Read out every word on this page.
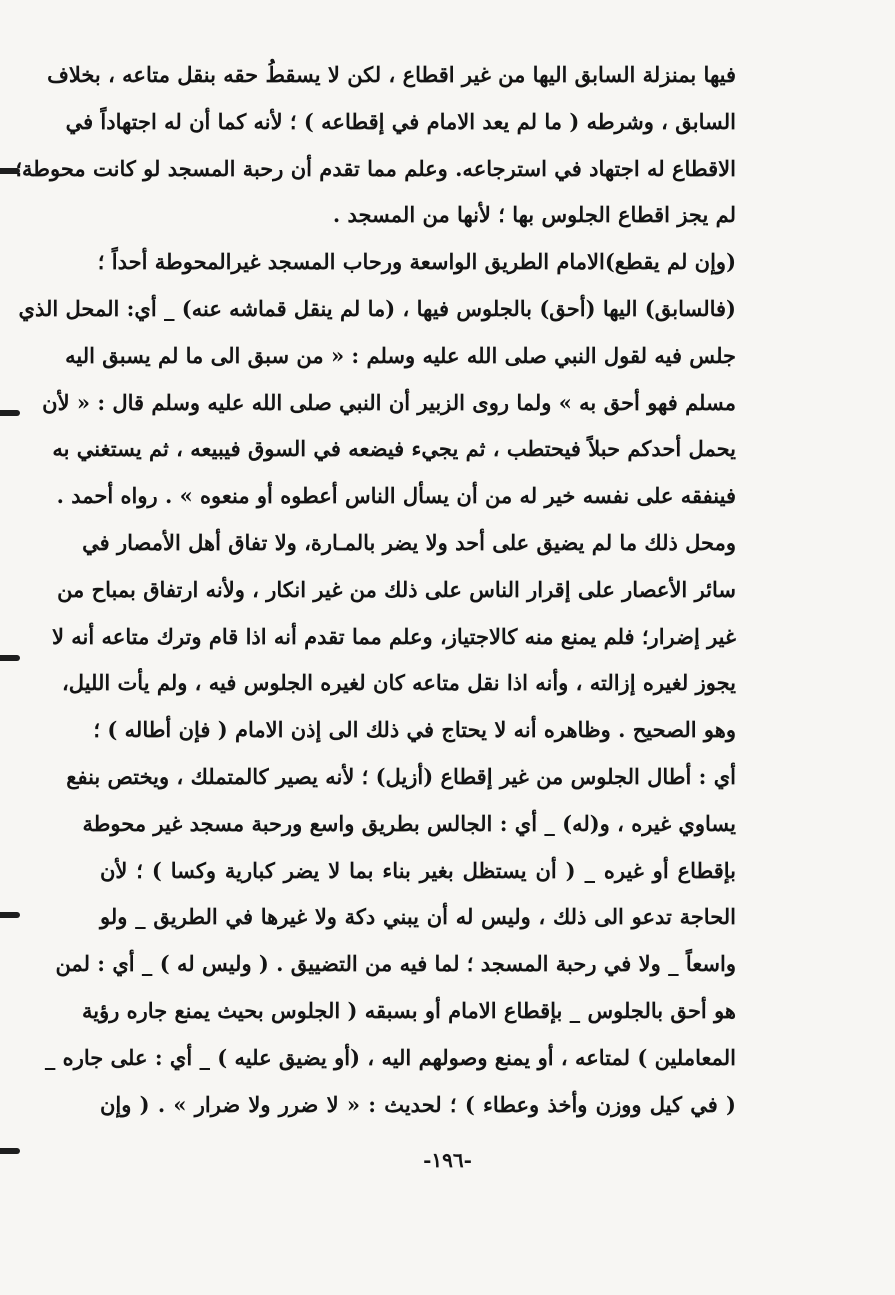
فيها بمنزلة السابق اليها من غير اقطاع ، لكن لا يسقطُ حقه بنقل متاعه ، بخلاف
السابق ، وشرطه ( ما لم يعد الامام في إقطاعه ) ؛ لأنه كما أن له اجتهاداً في
الاقطاع له اجتهاد في استرجاعه. وعلم مما تقدم أن رحبة المسجد لو كانت محوطة؛
لم يجز اقطاع الجلوس بها ؛ لأنها من المسجد .
(وإن لم يقطع)الامام الطريق الواسعة ورحاب المسجد غيرالمحوطة أحداً ؛
(فالسابق) اليها (أحق) بالجلوس فيها ، (ما لم ينقل قماشه عنه) _ أي: المحل الذي
جلس فيه لقول النبي صلى الله عليه وسلم : « من سبق الى ما لم يسبق اليه
مسلم فهو أحق به » ولما روى الزبير أن النبي صلى الله عليه وسلم قال : « لأن
يحمل أحدكم حبلاً فيحتطب ، ثم يجيء فيضعه في السوق فيبيعه ، ثم يستغني به
فينفقه على نفسه خير له من أن يسأل الناس أعطوه أو منعوه » . رواه أحمد .
ومحل ذلك ما لم يضيق على أحد ولا يضر بالمـارة، ولا تفاق أهل الأمصار في
سائر الأعصار على إقرار الناس على ذلك من غير انكار ، ولأنه ارتفاق بمباح من
غير إضرار؛ فلم يمنع منه كالاجتياز، وعلم مما تقدم أنه اذا قام وترك متاعه أنه لا
يجوز لغيره إزالته ، وأنه اذا نقل متاعه كان لغيره الجلوس فيه ، ولم يأت الليل،
وهو الصحيح . وظاهره أنه لا يحتاج في ذلك الى إذن الامام ( فإن أطاله ) ؛
أي : أطال الجلوس من غير إقطاع (أزيل) ؛ لأنه يصير كالمتملك ، ويختص بنفع
يساوي غيره ، و(له) _ أي : الجالس بطريق واسع ورحبة مسجد غير محوطة
بإقطاع أو غيره _ ( أن يستظل بغير بناء بما لا يضر كبارية وكسا ) ؛ لأن
الحاجة تدعو الى ذلك ، وليس له أن يبني دكة ولا غيرها في الطريق _ ولو
واسعاً _ ولا في رحبة المسجد ؛ لما فيه من التضييق . ( وليس له ) _ أي : لمن
هو أحق بالجلوس _ بإقطاع الامام أو بسبقه ( الجلوس بحيث يمنع جاره رؤية
المعاملين ) لمتاعه ، أو يمنع وصولهم اليه ، (أو يضيق عليه ) _ أي : على جاره _
( في كيل ووزن وأخذ وعطاء ) ؛ لحديث : « لا ضرر ولا ضرار » . ( وإن
-١٩٦-
